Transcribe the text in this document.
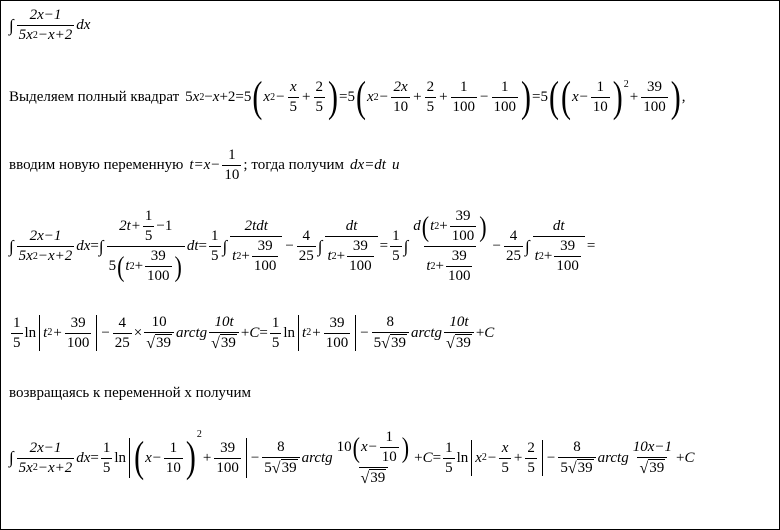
∫ $\frac{2x-1}{5x 2 -x+2}$ dx
Выделяем полный квадрат 5 x 2 − x +2=5 ( x $2 - \frac{x}{5} + \frac{2}{5}$ ) =5 ( x $2 - \frac{2x}{10} + \frac{2}{5} + \frac{1}{100} - \frac{1}{100}$ ) =5 ( ( $x- \frac{1}{10}$ ) 2
+ $\frac{39}{100}$ ) ,
вводим новую переменную $t=x- \frac{1}{10}$ ; тогда получим dx=dt и
∫ $\frac{2x-1}{5x 2 -x+2}$ dx = ∫ $\frac{2t+ \frac{1}{5} - 1}{5 ( t 2 + \frac{39}{100} )}$ dt = $\frac{1}{5}$ ∫ $\frac{\text{2tdt}}{t 2 + \frac{39}{100}} - \frac{4}{25}$ ∫ $\frac{dt}{t 2 + \frac{39}{100}} = \frac{1}{5}$ ∫ $\frac{d ( t 2 + \frac{39}{100} )}{t 2 + \frac{39}{100}} - \frac{4}{25}$ ∫ $\frac{dt}{t 2 + \frac{39}{100}}$ =
$\frac{1}{5}$ ln t $2 + \frac{39}{100} - \frac{4}{25} \times \frac{10}{√ 39}$ arctg $\frac{10t}{√ 39} + C = \frac{1}{5}$ ln t $2 + \frac{39}{100} - \frac{8}{5 √ 39}$ arctg $\frac{10t}{√ 39} + C$
возвращаясь к переменной х получим
∫ $\frac{2x-1}{5x 2 -x+2}$ dx = $\frac{1}{5}$ ln ( $x- \frac{1}{10}$ ) 2
+ $\frac{39}{100} - \frac{8}{5 √ 39}$ arctg $\frac{10 ( x- \frac{1}{10} )}{√ 39} + C = \frac{1}{5}$ ln x $2 - \frac{x}{5} + \frac{2}{5} - \frac{8}{5 √ 39}$ arctg $\frac{10x-1}{√ 39} + C$
